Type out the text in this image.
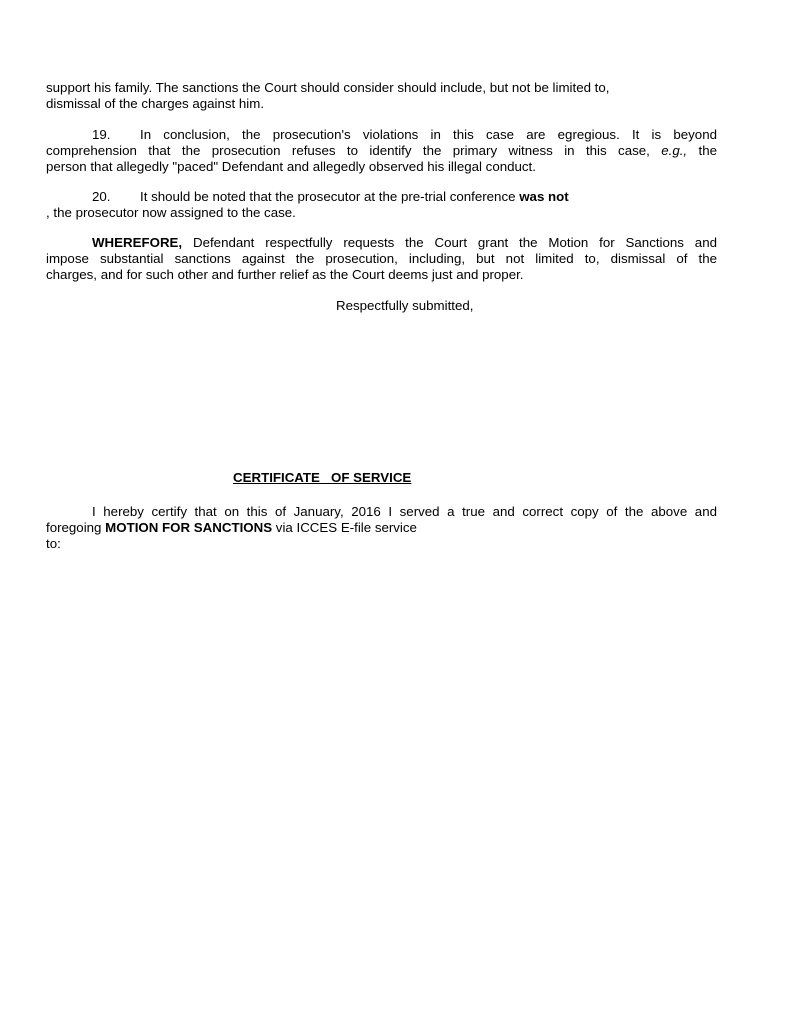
support his family. The sanctions the Court should consider should include, but not be limited to,
dismissal of the charges against him.
19. In conclusion, the prosecution's violations in this case are egregious. It is beyond
comprehension that the prosecution refuses to identify the primary witness in this case, e.g., the
person that allegedly "paced" Defendant and allegedly observed his illegal conduct.
20. It should be noted that the prosecutor at the pre-trial conference was not
, the prosecutor now assigned to the case.
WHEREFORE, Defendant respectfully requests the Court grant the Motion for Sanctions and
impose substantial sanctions against the prosecution, including, but not limited to, dismissal of the
charges, and for such other and further relief as the Court deems just and proper.
Respectfully submitted,
CERTIFICATE   OF SERVICE
I hereby certify that on this of January, 2016 I served a true and correct copy of the above and
foregoing MOTION FOR SANCTIONS via ICCES E-file service
to:
